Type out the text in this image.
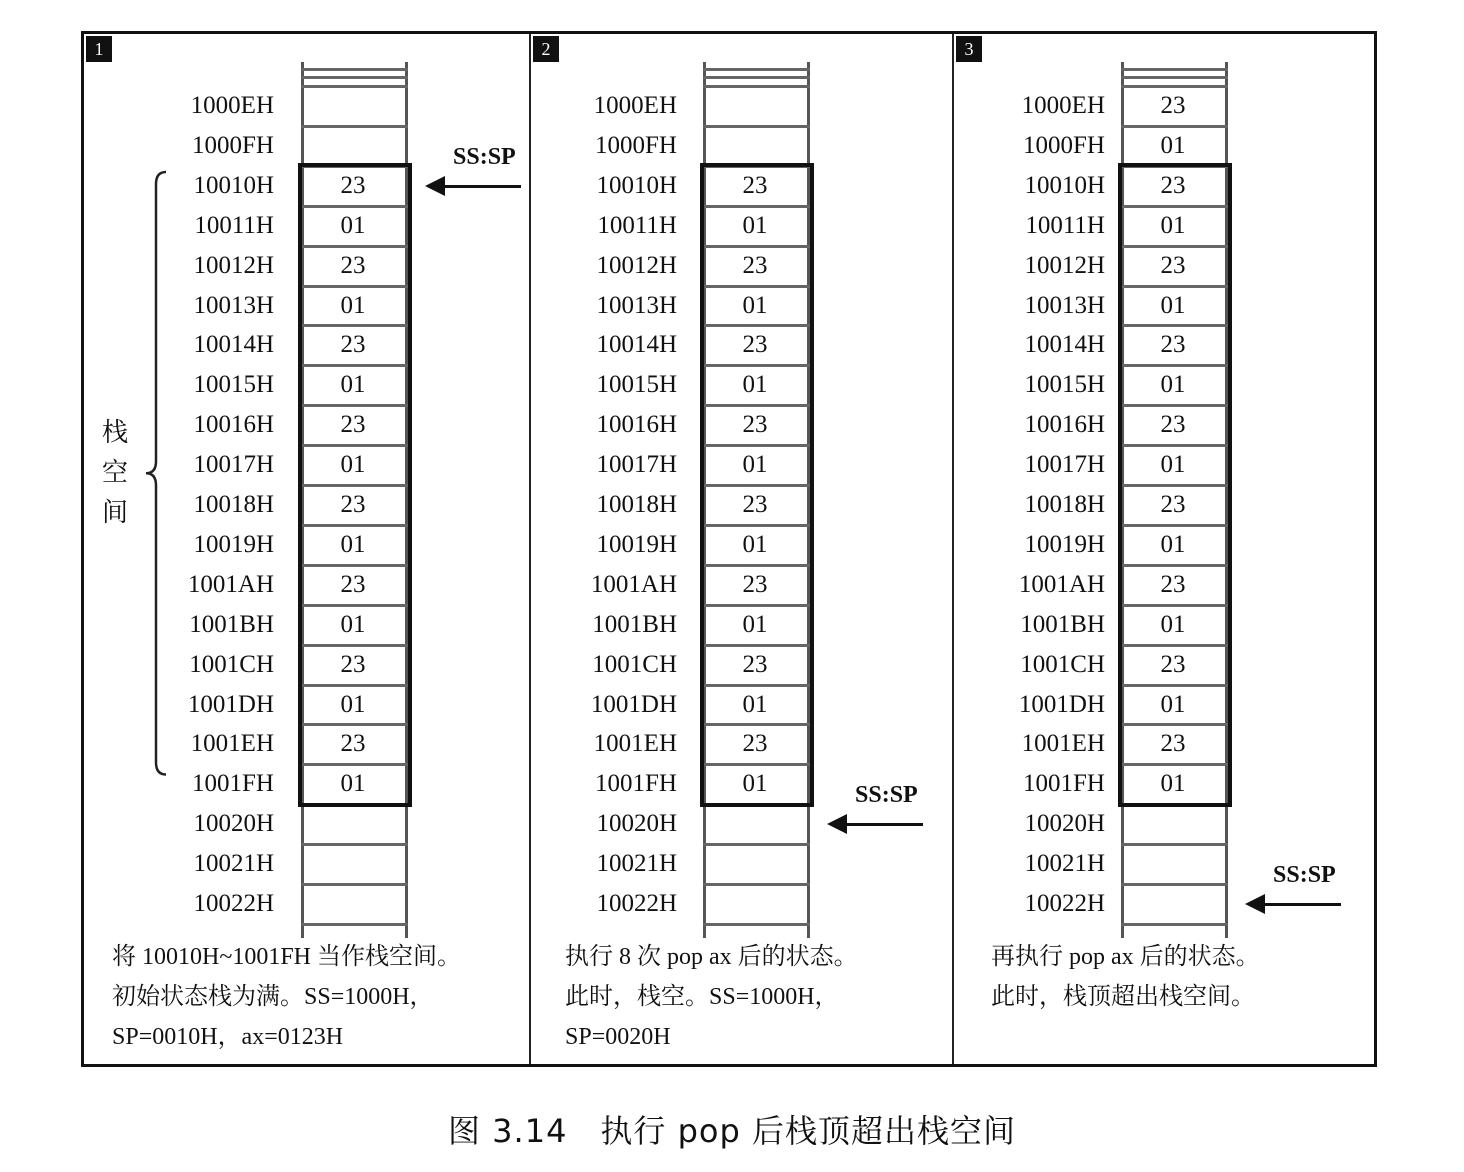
1
1000EH
1000FH
10010H	23
10011H	01
10012H	23
10013H	01
10014H	23
10015H	01
10016H	23
10017H	01
10018H	23
10019H	01
1001AH	23
1001BH	01
1001CH	23
1001DH	01
1001EH	23
1001FH	01
10020H
10021H
10022H
SS:SP
栈空间
将 10010H~1001FH 当作栈空间。
初始状态栈为满。SS=1000H，
SP=0010H，ax=0123H
2
1000EH
1000FH
10010H	23
10011H	01
10012H	23
10013H	01
10014H	23
10015H	01
10016H	23
10017H	01
10018H	23
10019H	01
1001AH	23
1001BH	01
1001CH	23
1001DH	01
1001EH	23
1001FH	01
10020H
10021H
10022H
SS:SP
执行 8 次 pop ax 后的状态。
此时，栈空。SS=1000H，
SP=0020H
3
1000EH	23
1000FH	01
10010H	23
10011H	01
10012H	23
10013H	01
10014H	23
10015H	01
10016H	23
10017H	01
10018H	23
10019H	01
1001AH	23
1001BH	01
1001CH	23
1001DH	01
1001EH	23
1001FH	01
10020H
10021H
10022H
SS:SP
再执行 pop ax 后的状态。
此时，栈顶超出栈空间。
图 3.14　执行 pop 后栈顶超出栈空间
